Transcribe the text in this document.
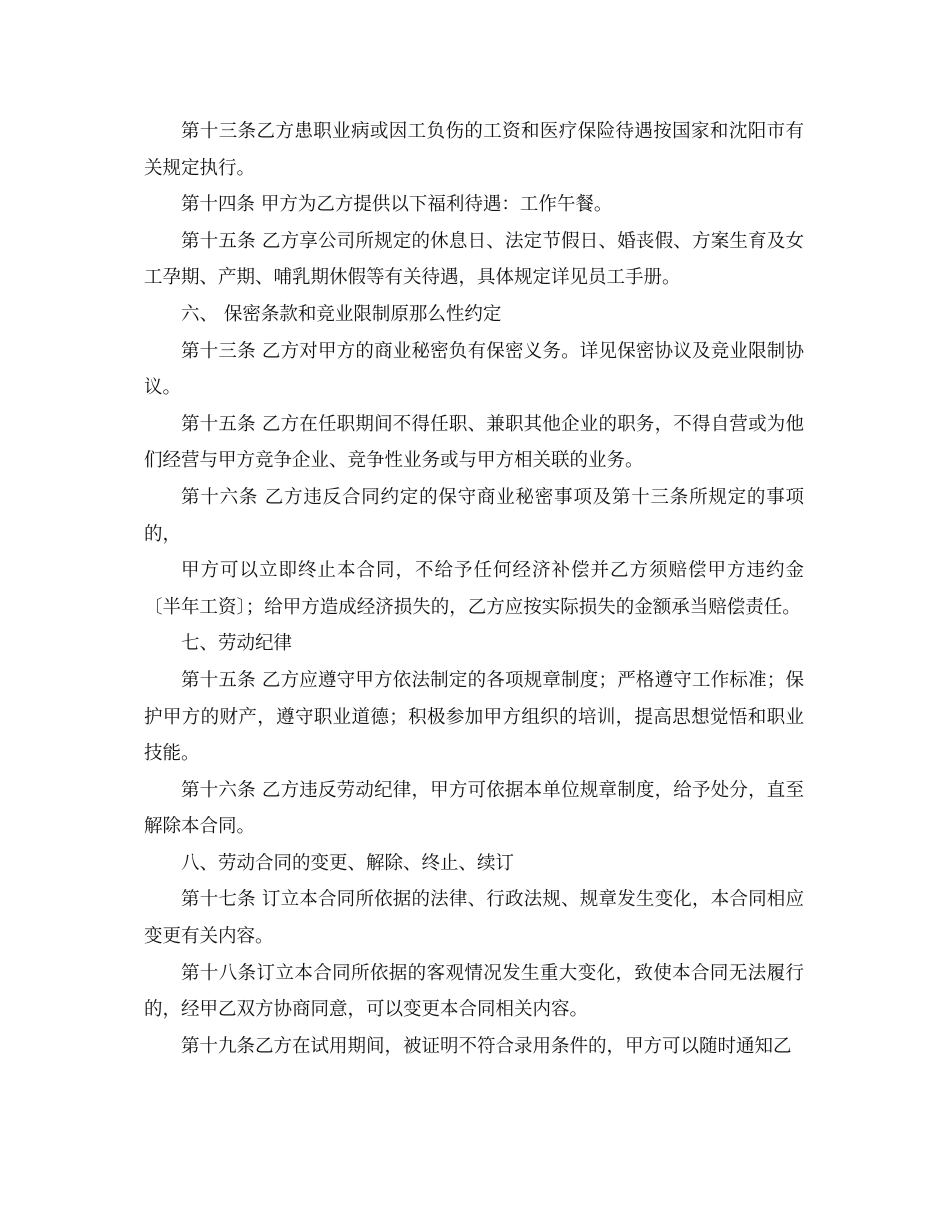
第十三条乙方患职业病或因工负伤的工资和医疗保险待遇按国家和沈阳市有关规定执行。

第十四条 甲方为乙方提供以下福利待遇：工作午餐。

第十五条 乙方享公司所规定的休息日、法定节假日、婚丧假、方案生育及女工孕期、产期、哺乳期休假等有关待遇，具体规定详见员工手册。

六、 保密条款和竞业限制原那么性约定

第十三条 乙方对甲方的商业秘密负有保密义务。详见保密协议及竞业限制协议。

第十五条 乙方在任职期间不得任职、兼职其他企业的职务，不得自营或为他们经营与甲方竞争企业、竞争性业务或与甲方相关联的业务。

第十六条 乙方违反合同约定的保守商业秘密事项及第十三条所规定的事项的，

甲方可以立即终止本合同，不给予任何经济补偿并乙方须赔偿甲方违约金〔半年工资〕；给甲方造成经济损失的，乙方应按实际损失的金额承当赔偿责任。

七、劳动纪律

第十五条 乙方应遵守甲方依法制定的各项规章制度；严格遵守工作标准；保护甲方的财产，遵守职业道德；积极参加甲方组织的培训，提高思想觉悟和职业技能。

第十六条 乙方违反劳动纪律，甲方可依据本单位规章制度，给予处分，直至解除本合同。

八、劳动合同的变更、解除、终止、续订

第十七条 订立本合同所依据的法律、行政法规、规章发生变化，本合同相应变更有关内容。

第十八条订立本合同所依据的客观情况发生重大变化，致使本合同无法履行的，经甲乙双方协商同意，可以变更本合同相关内容。

第十九条乙方在试用期间，被证明不符合录用条件的，甲方可以随时通知乙
